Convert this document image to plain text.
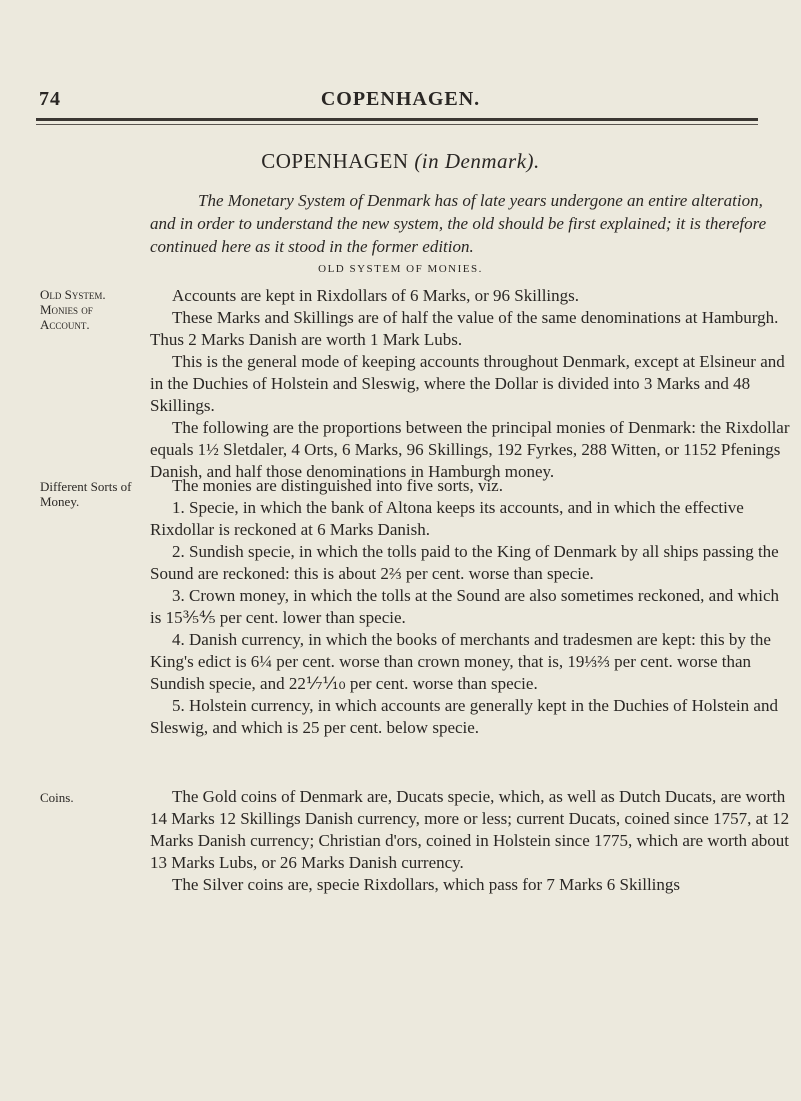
74	COPENHAGEN.
COPENHAGEN (in Denmark).
The Monetary System of Denmark has of late years undergone an entire alteration, and in order to understand the new system, the old should be first explained; it is therefore continued here as it stood in the former edition.
OLD SYSTEM OF MONIES.
Old System. Monies of Account.
Different Sorts of Money.
Coins.

Accounts are kept in Rixdollars of 6 Marks, or 96 Skillings.

These Marks and Skillings are of half the value of the same denominations at Hamburgh. Thus 2 Marks Danish are worth 1 Mark Lubs.

This is the general mode of keeping accounts throughout Denmark, except at Elsineur and in the Duchies of Holstein and Sleswig, where the Dollar is divided into 3 Marks and 48 Skillings.

The following are the proportions between the principal monies of Denmark: the Rixdollar equals 1½ Sletdaler, 4 Orts, 6 Marks, 96 Skillings, 192 Fyrkes, 288 Witten, or 1152 Pfenings Danish, and half those denominations in Hamburgh money.

The monies are distinguished into five sorts, viz.

1. Specie, in which the bank of Altona keeps its accounts, and in which the effective Rixdollar is reckoned at 6 Marks Danish.

2. Sundish specie, in which the tolls paid to the King of Denmark by all ships passing the Sound are reckoned: this is about 2⅔ per cent. worse than specie.

3. Crown money, in which the tolls at the Sound are also sometimes reckoned, and which is 15⅗⅘ per cent. lower than specie.

4. Danish currency, in which the books of merchants and tradesmen are kept: this by the King's edict is 6¼ per cent. worse than crown money, that is, 19⅓⅔ per cent. worse than Sundish specie, and 22⅐⅒ per cent. worse than specie.

5. Holstein currency, in which accounts are generally kept in the Duchies of Holstein and Sleswig, and which is 25 per cent. below specie.

The Gold coins of Denmark are, Ducats specie, which, as well as Dutch Ducats, are worth 14 Marks 12 Skillings Danish currency, more or less; current Ducats, coined since 1757, at 12 Marks Danish currency; Christian d'ors, coined in Holstein since 1775, which are worth about 13 Marks Lubs, or 26 Marks Danish currency.

The Silver coins are, specie Rixdollars, which pass for 7 Marks 6 Skillings
